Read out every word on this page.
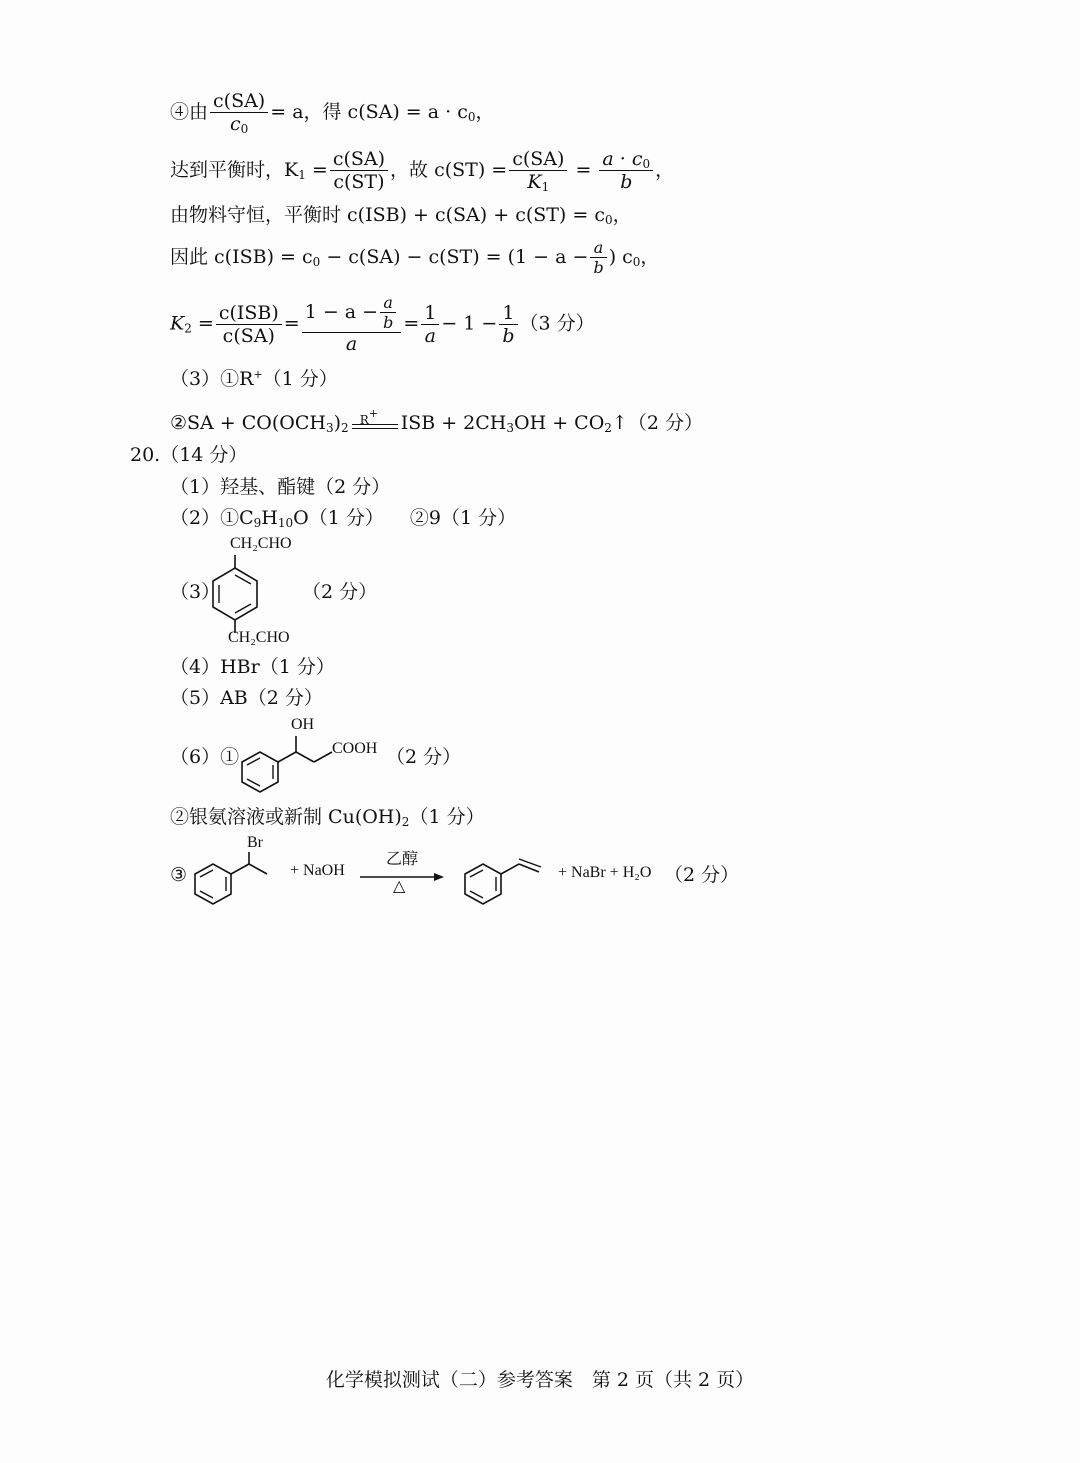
④由 $\frac{c(SA)}{c_0} = a$，得 $c(SA) = a \cdot c_0$，
达到平衡时，$K_1 = \frac{c(SA)}{c(ST)}$ ，故 $c(ST) = \frac{c(SA)}{K_1} = \frac{a \cdot c_0}{b}$ ，
由物料守恒，平衡时 $c(ISB) + c(SA) + c(ST) = c_0$，
因此 $c(ISB) = c_0 - c(SA) - c(ST) = (1 - a - \frac{a}{b}$ ) $c_0$，
$K_2 = \frac{\text{c(ISB)}}{c(SA)} = \frac{1 - a - \frac{a}{b}}{a} = \frac{1}{a} - 1 - \frac{1}{b} (3$ 分）
（3）①R+（1 分）
②SA + $CO(OCH_3)_2$
R+ ISB + $2CH_3OH$ + $CO_2↑(2$ 分）
20.（14 分）
（1）羟基、酯键（2 分）
$(2)①C_9H_{10}O(1$ 分） ②9（1 分）
（3）
CH₂CHO
CH₂CHO
（2 分）
（4）HBr（1 分）
（5）AB（2 分）
（6）①
OH
COOH （2 分）
②银氨溶液或新制 $Cu(OH)_2(1$ 分）
③
Br
+ NaOH
乙醇
△
+ NaBr + H₂O （2 分）
化学模拟测试（二）参考答案　第 2 页（共 2 页）
